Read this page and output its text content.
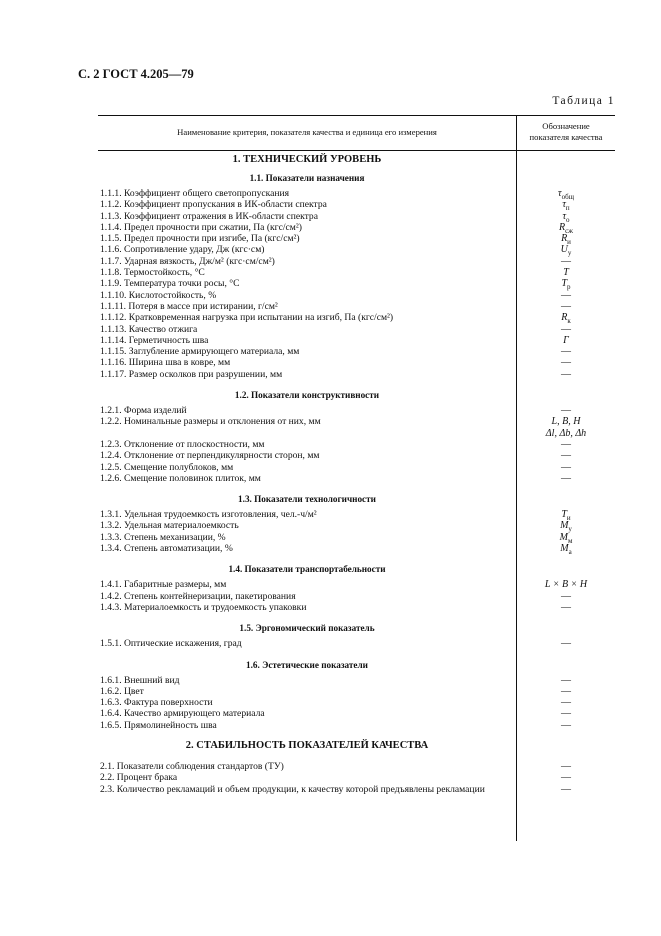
С. 2 ГОСТ 4.205—79
Таблица 1
Наименование критерия, показателя качества и единица его измерения
Обозначение
показателя качества
1. ТЕХНИЧЕСКИЙ УРОВЕНЬ
1.1. Показатели назначения
1.1.1. Коэффициент общего светопропускания	$\tau_{общ}$
1.1.2. Коэффициент пропускания в ИК-области спектра	$\tau_п$
1.1.3. Коэффициент отражения в ИК-области спектра	$\tau_о$
1.1.4. Предел прочности при сжатии, Па (кгс/см²)	$R_{сж}$
1.1.5. Предел прочности при изгибе, Па (кгс/см²)	$R_и$
1.1.6. Сопротивление удару, Дж (кгс·см)	$U_у$
1.1.7. Ударная вязкость, Дж/м² (кгс·см/см²)	—
1.1.8. Термостойкость, °С	T
1.1.9. Температура точки росы, °С	$T_р$
1.1.10. Кислотостойкость, %	—
1.1.11. Потеря в массе при истирании, г/см²	—
1.1.12. Кратковременная нагрузка при испытании на изгиб, Па (кгс/см²)	$R_к$
1.1.13. Качество отжига	—
1.1.14. Герметичность шва	Г
1.1.15. Заглубление армирующего материала, мм	—
1.1.16. Ширина шва в ковре, мм	—
1.1.17. Размер осколков при разрушении, мм	—
1.2. Показатели конструктивности
1.2.1. Форма изделий	—
1.2.2. Номинальные размеры и отклонения от них, мм	L, B, H
Δl, Δb, Δh
1.2.3. Отклонение от плоскостности, мм	—
1.2.4. Отклонение от перпендикулярности сторон, мм	—
1.2.5. Смещение полублоков, мм	—
1.2.6. Смещение половинок плиток, мм	—
1.3. Показатели технологичности
1.3.1. Удельная трудоемкость изготовления, чел.-ч/м²	$T_и$
1.3.2. Удельная материалоемкость	$M_у$
1.3.3. Степень механизации, %	$M_м$
1.3.4. Степень автоматизации, %	$M_а$
1.4. Показатели транспортабельности
1.4.1. Габаритные размеры, мм	L × B × H
1.4.2. Степень контейнеризации, пакетирования	—
1.4.3. Материалоемкость и трудоемкость упаковки	—
1.5. Эргономический показатель
1.5.1. Оптические искажения, град	—
1.6. Эстетические показатели
1.6.1. Внешний вид	—
1.6.2. Цвет	—
1.6.3. Фактура поверхности	—
1.6.4. Качество армирующего материала	—
1.6.5. Прямолинейность шва	—
2. СТАБИЛЬНОСТЬ ПОКАЗАТЕЛЕЙ КАЧЕСТВА
2.1. Показатели соблюдения стандартов (ТУ)	—
2.2. Процент брака	—
2.3. Количество рекламаций и объем продукции, к качеству которой предъявлены рекламации	—
